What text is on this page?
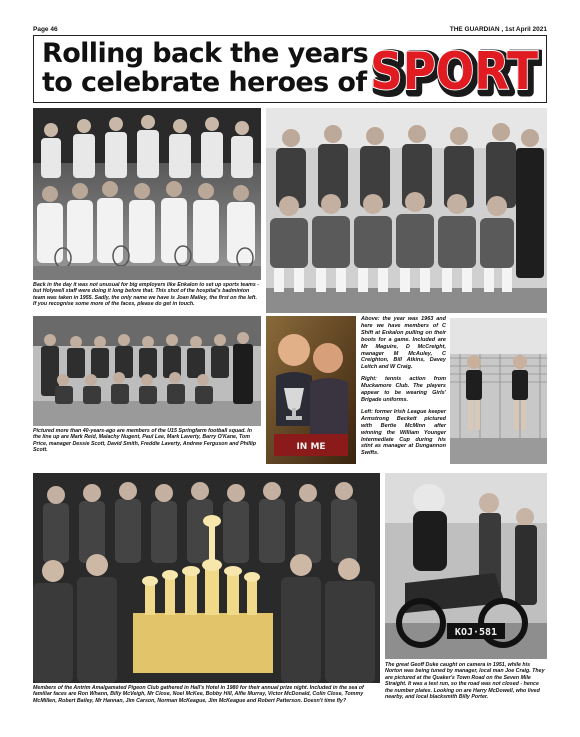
Page 46	THE GUARDIAN , 1st April 2021
Rolling back the years
to celebrate heroes of SPORT
SPORT
Back in the day it was not unusual for big employers like Enkalon to set up sports teams - but Holywell staff were doing it long before that. This shot of the hospital's badminton team was taken in 1955. Sadly, the only name we have is Joan Malley, the first on the left. If you recognise some more of the faces, please do get in touch.
Pictured more than 40-years-ago are members of the U15 Springfarm football squad. In the line up are Mark Reid, Malachy Nugent, Paul Lee, Mark Laverty, Barry O'Kane, Tom Price, manager Dessie Scott, David Smith, Freddie Laverty, Andrew Ferguson and Phillip Scott.	IN ME

Above: the year was 1963 and here we have members of C Shift at Enkalon pulling on their boots for a game. Included are Mr Maguire, D McCreight, manager M McAuley, C Creighton, Bill Atkins, Davey Leitch and W Craig.

Right: tennis action from Muckamore Club. The players appear to be wearing Girls' Brigade uniforms.

Left: former Irish League keeper Armstrong Beckett pictured with Bertie McMinn after winning the William Younger Intermediate Cup during his stint as manager at Dungannon Swifts.

Members of the Antrim Amalgamated Pigeon Club gathered in Hall's Hotel in 1980 for their annual prize night. Included in the sea of familiar faces are Ron Whann, Billy McVeigh, Mr Close, Noel McKee, Bobby Hill, Alfie Murray, Victor McDonald, Colin Close, Tommy McMillen, Robert Bailey, Mr Hannan, Jim Carson, Norman McKeague, Jim McKeague and Robert Patterson. Doesn't time fly?
KOJ·581
The great Geoff Duke caught on camera in 1951, while his Norton was being tuned by manager, local man Joe Craig. They are pictured at the Quaker's Town Road on the Seven Mile Straight. It was a test run, so the road was not closed - hence the number plates. Looking on are Harry McDowell, who lived nearby, and local blacksmith Billy Porter.
